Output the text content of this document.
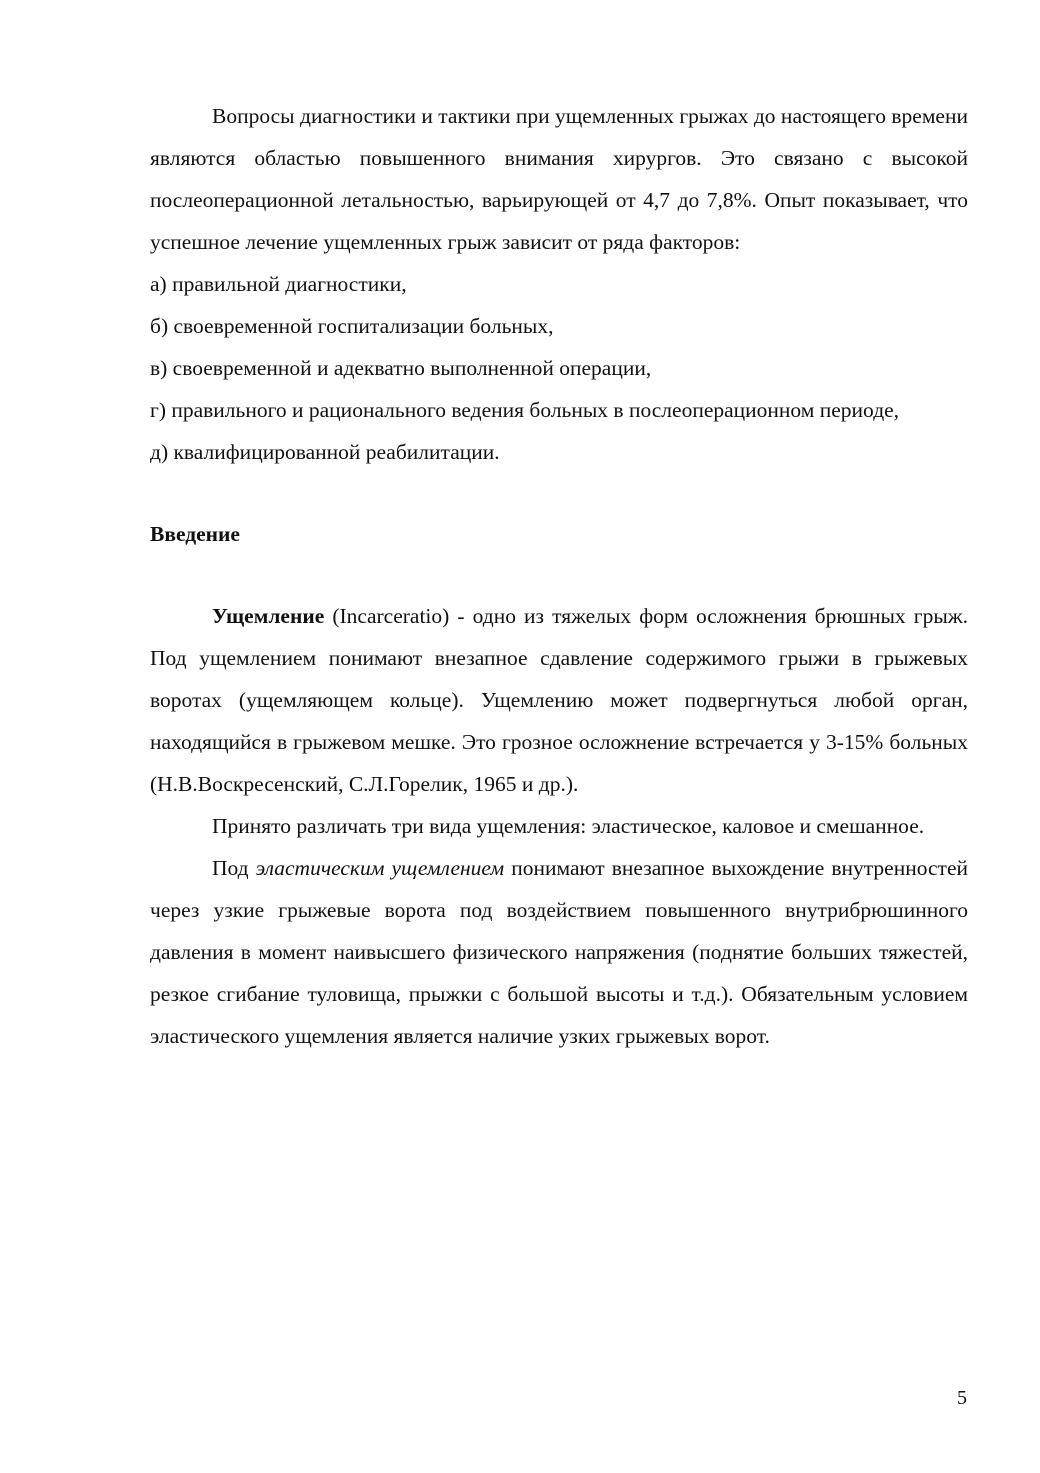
Вопросы диагностики и тактики при ущемленных грыжах до настоящего времени являются областью повышенного внимания хирургов. Это связано с высокой послеоперационной летальностью, варьирующей от 4,7 до 7,8%. Опыт показывает, что успешное лечение ущемленных грыж зависит от ряда факторов:

а) правильной диагностики,

б) своевременной госпитализации больных,

в) своевременной и адекватно выполненной операции,

г) правильного и рационального ведения больных в послеоперационном периоде,

д) квалифицированной реабилитации.

Введение

Ущемление (Incarceratio) - одно из тяжелых форм осложнения брюшных грыж. Под ущемлением понимают внезапное сдавление содержимого грыжи в грыжевых воротах (ущемляющем кольце). Ущемлению может подвергнуться любой орган, находящийся в грыжевом мешке. Это грозное осложнение встречается у 3-15% больных (Н.В.Воскресенский, С.Л.Горелик, 1965 и др.).

Принято различать три вида ущемления: эластическое, каловое и смешанное.

Под эластическим ущемлением понимают внезапное выхождение внутренностей через узкие грыжевые ворота под воздействием повышенного внутрибрюшинного давления в момент наивысшего физического напряжения (поднятие больших тяжестей, резкое сгибание туловища, прыжки с большой высоты и т.д.). Обязательным условием эластического ущемления является наличие узких грыжевых ворот.

5
